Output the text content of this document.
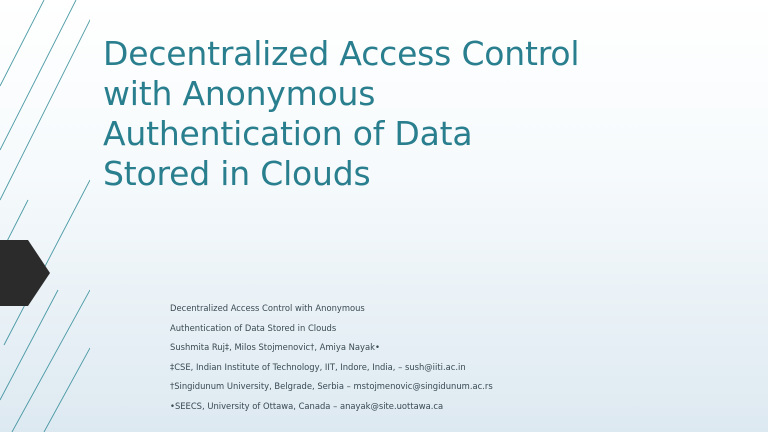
Decentralized Access Control
with Anonymous
Authentication of Data
Stored in Clouds
Decentralized Access Control with Anonymous
Authentication of Data Stored in Clouds
Sushmita Ruj‡, Milos Stojmenovic†, Amiya Nayak•
‡CSE, Indian Institute of Technology, IIT, Indore, India, – sush@iiti.ac.in
†Singidunum University, Belgrade, Serbia – mstojmenovic@singidunum.ac.rs
•SEECS, University of Ottawa, Canada – anayak@site.uottawa.ca
